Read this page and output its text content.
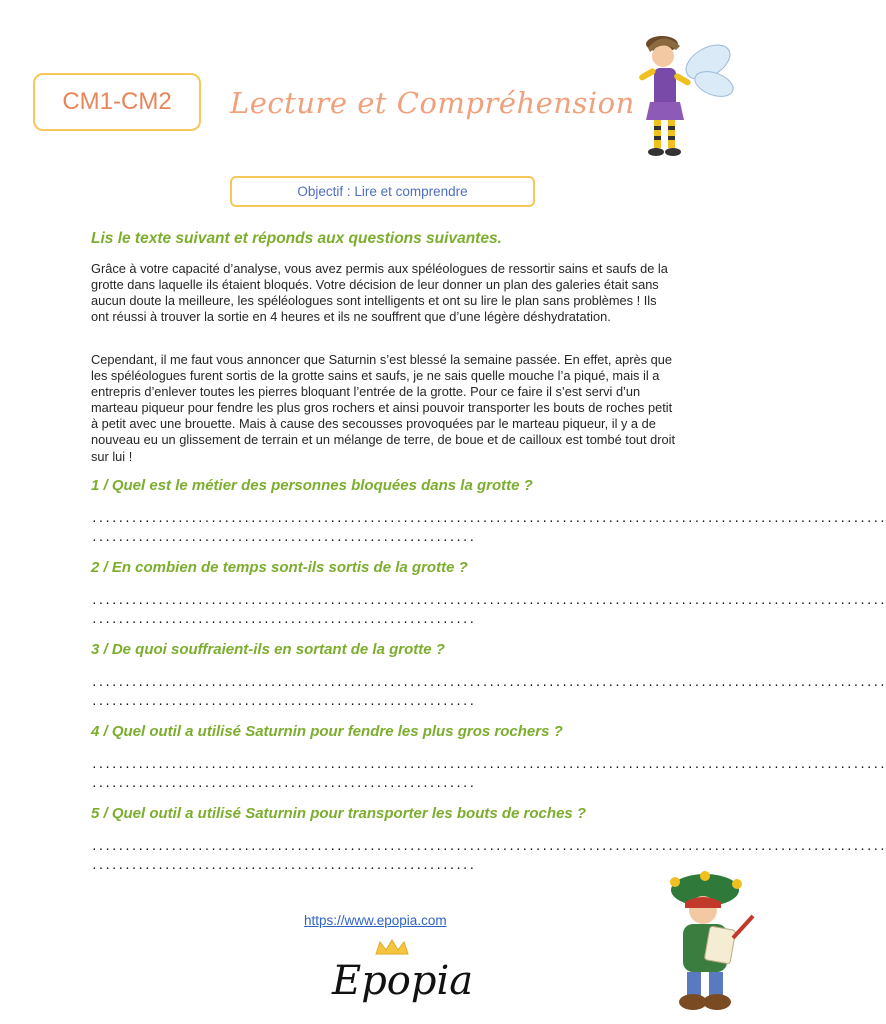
CM1-CM2 Lecture et Compréhension
Objectif : Lire et comprendre
Lis le texte suivant et réponds aux questions suivantes.

Grâce à votre capacité d’analyse, vous avez permis aux spéléologues de ressortir sains et saufs de la grotte dans laquelle ils étaient bloqués. Votre décision de leur donner un plan des galeries était sans aucun doute la meilleure, les spéléologues sont intelligents et ont su lire le plan sans problèmes ! Ils ont réussi à trouver la sortie en 4 heures et ils ne souffrent que d’une légère déshydratation.

Cependant, il me faut vous annoncer que Saturnin s’est blessé la semaine passée. En effet, après que les spéléologues furent sortis de la grotte sains et saufs, je ne sais quelle mouche l’a piqué, mais il a entrepris d’enlever toutes les pierres bloquant l’entrée de la grotte. Pour ce faire il s’est servi d’un marteau piqueur pour fendre les plus gros rochers et ainsi pouvoir transporter les bouts de roches petit à petit avec une brouette. Mais à cause des secousses provoquées par le marteau piqueur, il y a de nouveau eu un glissement de terrain et un mélange de terre, de boue et de cailloux est tombé tout droit sur lui !

1 / Quel est le métier des personnes bloquées dans la grotte ?
........................................................................................................................
..........................................................
2 / En combien de temps sont-ils sortis de la grotte ?
........................................................................................................................
..........................................................
3 / De quoi souffraient-ils en sortant de la grotte ?
........................................................................................................................
..........................................................
4 / Quel outil a utilisé Saturnin pour fendre les plus gros rochers ?
........................................................................................................................
..........................................................
5 / Quel outil a utilisé Saturnin pour transporter les bouts de roches ?
........................................................................................................................
..........................................................
https://www.epopia.com
Epopia
